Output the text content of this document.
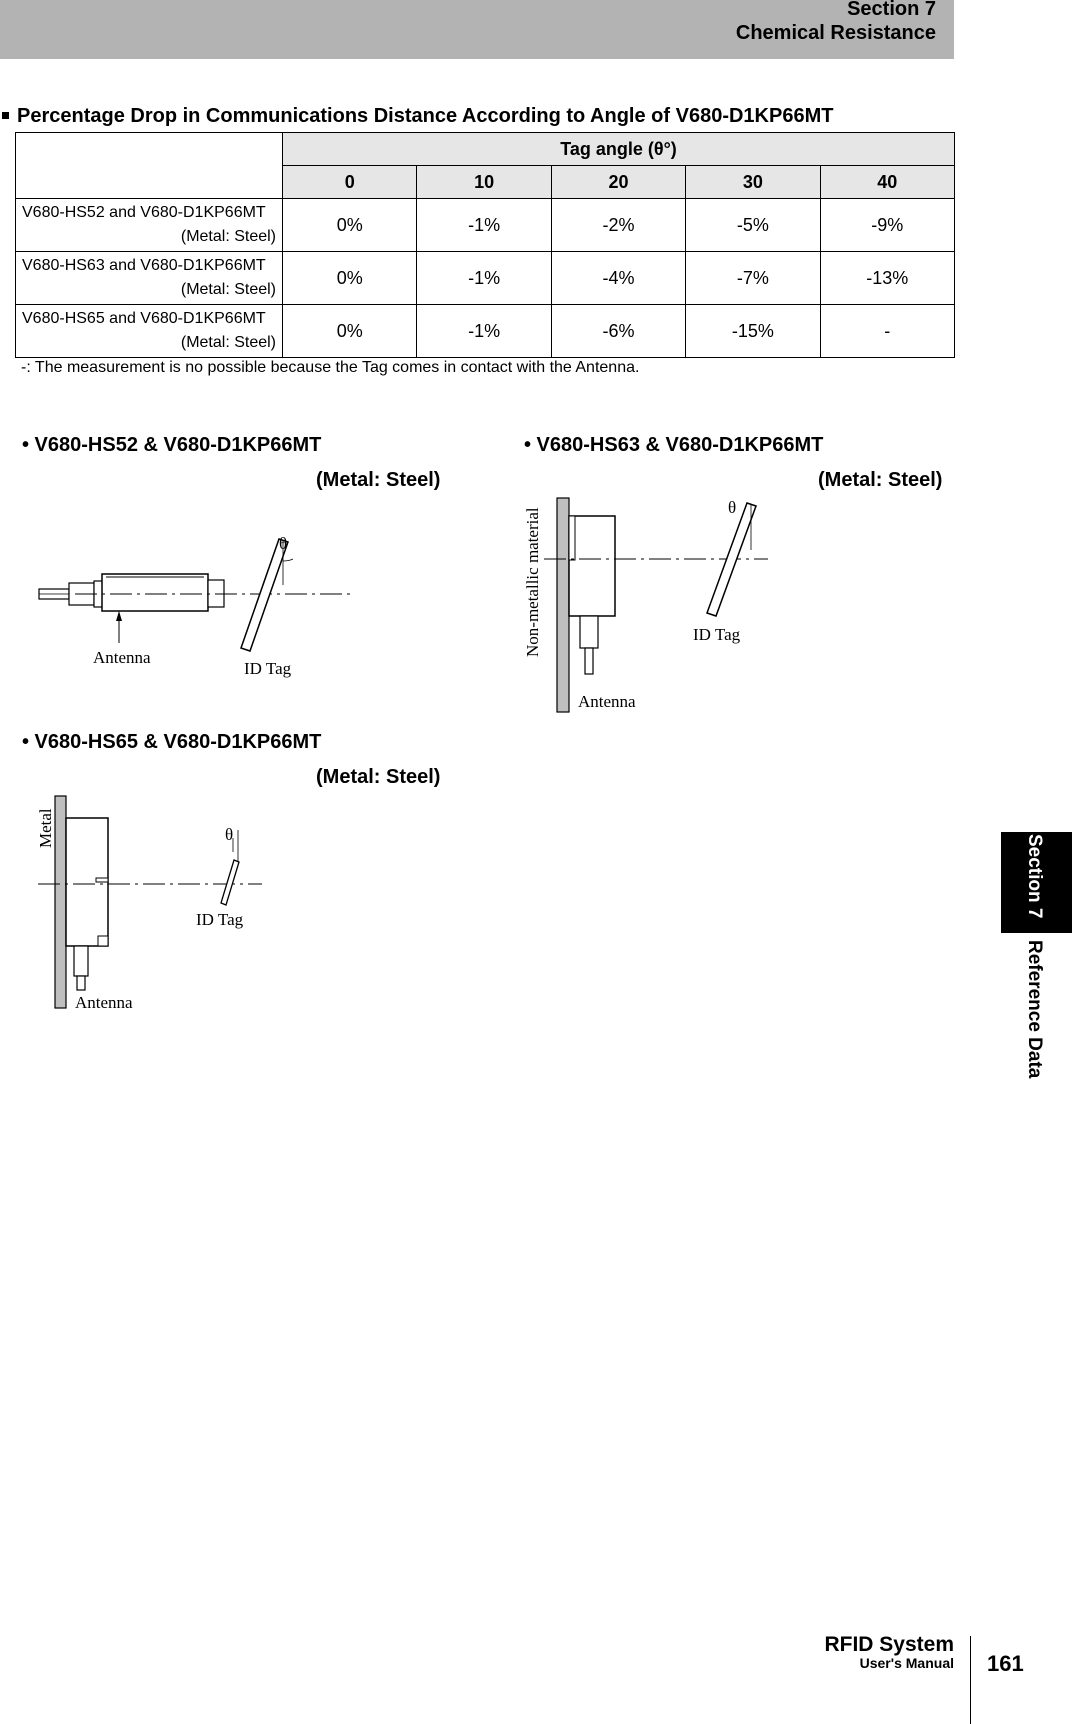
Section 7
Chemical Resistance
Percentage Drop in Communications Distance According to Angle of V680-D1KP66MT
	Tag angle (θ°)				
	0	10	20	30	40

V680-HS52 and V680-D1KP66MT
(Metal: Steel)	0%	-1%	-2%	-5%	-9%

V680-HS63 and V680-D1KP66MT
(Metal: Steel)	0%	-1%	-4%	-7%	-13%

V680-HS65 and V680-D1KP66MT
(Metal: Steel)	0%	-1%	-6%	-15%	-
-: The measurement is no possible because the Tag comes in contact with the Antenna.
• V680-HS52 & V680-D1KP66MT
(Metal: Steel)
θ
Antenna
ID Tag
• V680-HS63 & V680-D1KP66MT
(Metal: Steel)
θ
ID Tag
Antenna
Non-metallic material
• V680-HS65 & V680-D1KP66MT
(Metal: Steel)
θ
ID Tag
Antenna
Metal
Section 7
Reference Data
RFID System
User's Manual 161
